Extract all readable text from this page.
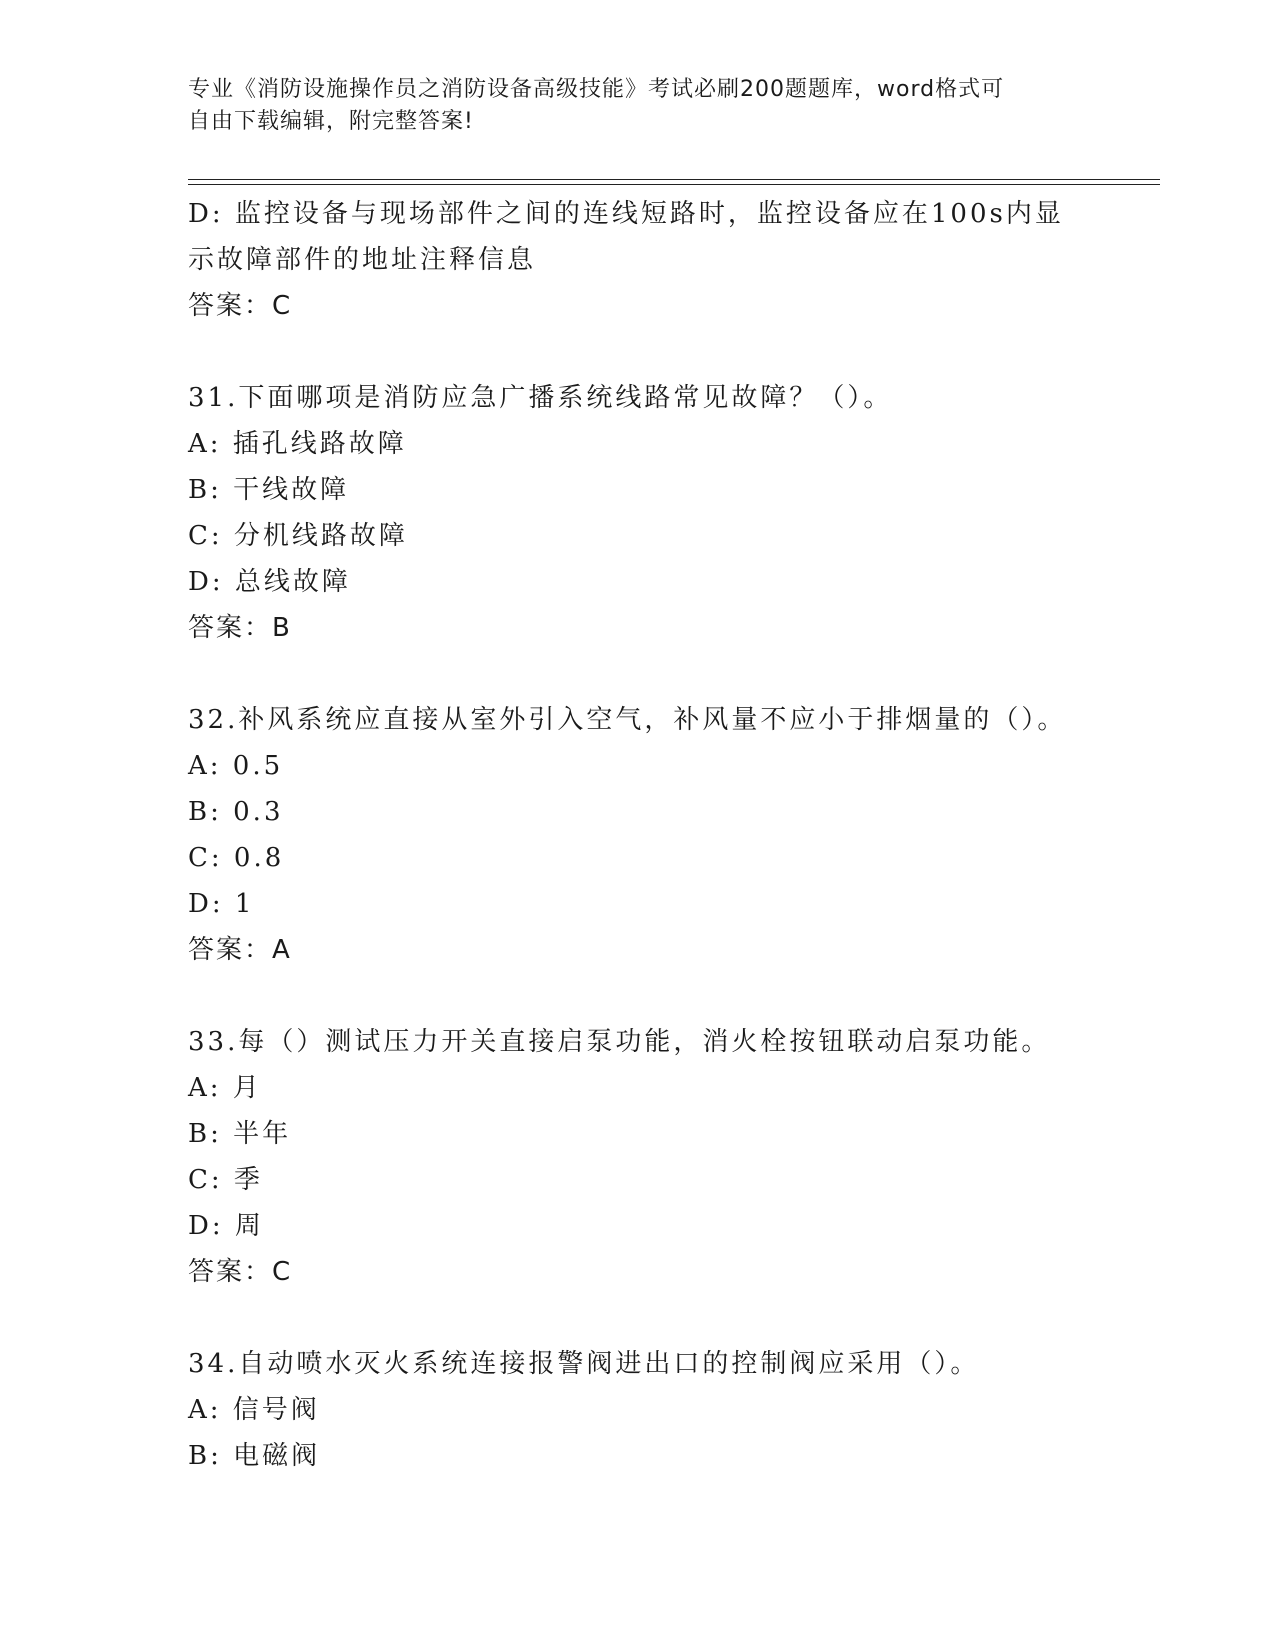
专业《消防设施操作员之消防设备高级技能》考试必刷200题题库，word格式可
自由下载编辑，附完整答案!
D: 监控设备与现场部件之间的连线短路时，监控设备应在100s内显
示故障部件的地址注释信息
答案：C
31.下面哪项是消防应急广播系统线路常见故障？（）。
A: 插孔线路故障
B: 干线故障
C: 分机线路故障
D: 总线故障
答案：B
32.补风系统应直接从室外引入空气，补风量不应小于排烟量的（）。
A: 0.5
B: 0.3
C: 0.8
D: 1
答案：A
33.每（）测试压力开关直接启泵功能，消火栓按钮联动启泵功能。
A: 月
B: 半年
C: 季
D: 周
答案：C
34.自动喷水灭火系统连接报警阀进出口的控制阀应采用（）。
A: 信号阀
B: 电磁阀
